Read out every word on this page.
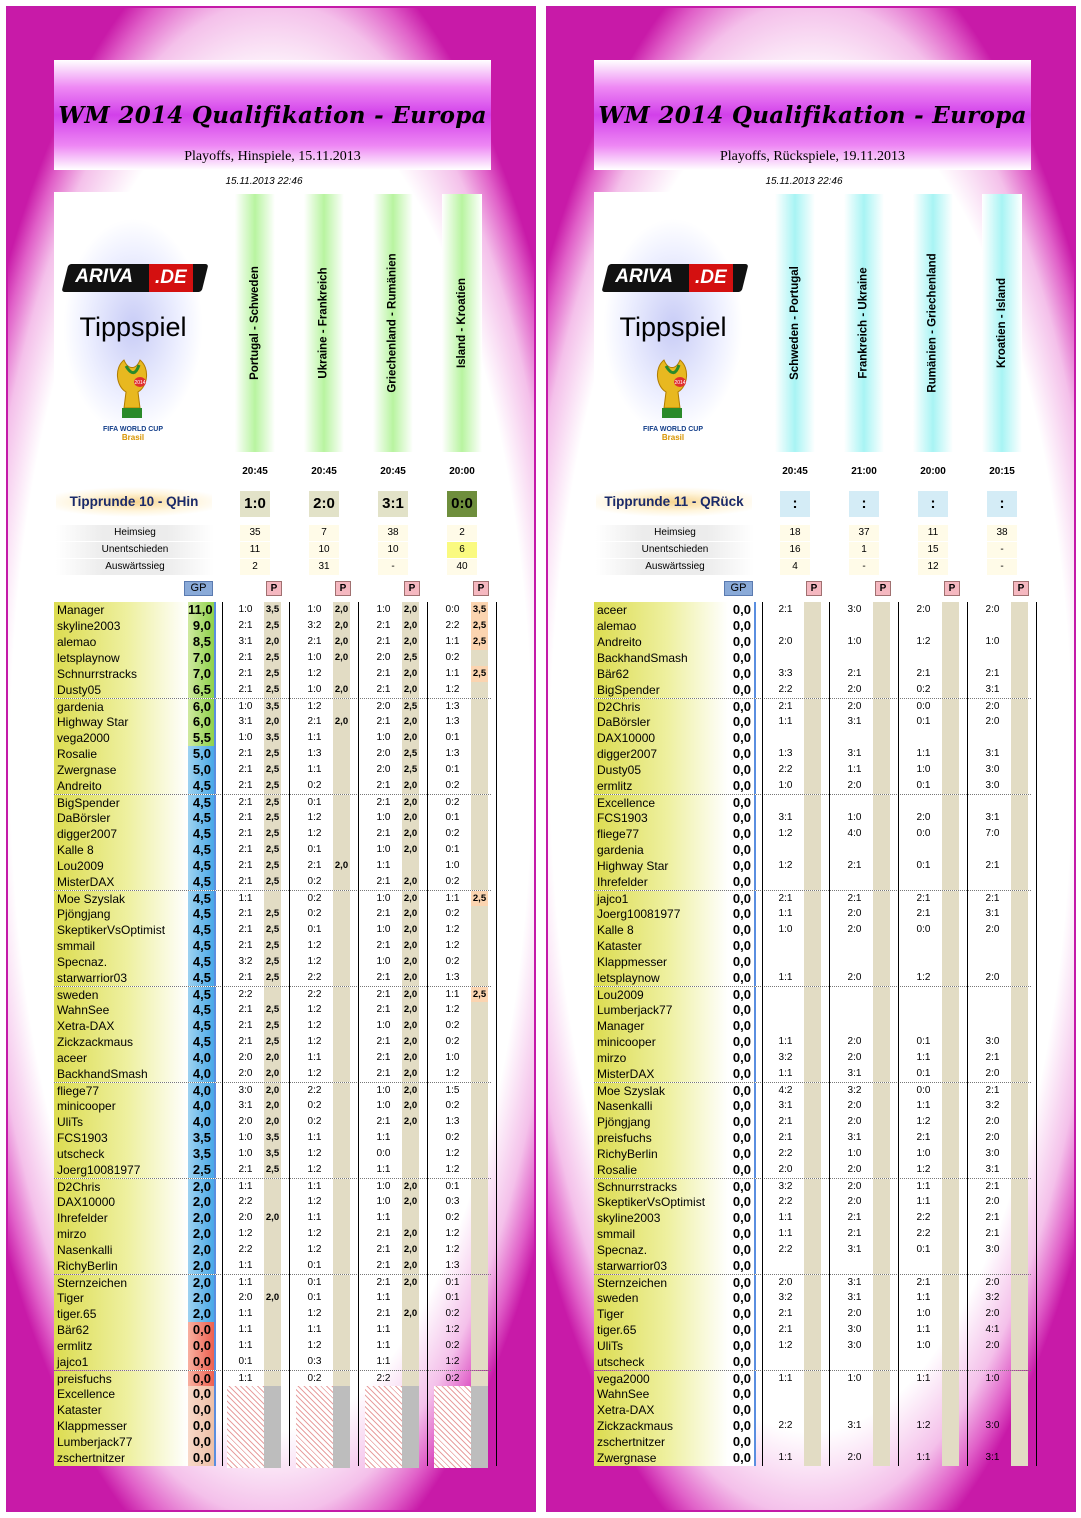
WM 2014 Qualifikation - Europa
Playoffs, Hinspiele, 15.11.2013
15.11.2013 22:46
ARIVA	.DE
Tippspiel
2014
FIFA WORLD CUP
Brasil
Tipprunde 10 - QHin
Heimsieg
Unentschieden
Auswärtssieg
Portugal - Schweden
20:45
1:0
35
11
2
P
Ukraine - Frankreich
20:45
2:0
7
10
31
P
Griechenland - Rumänien
20:45
3:1
38
10
-
P
Island - Kroatien
20:00
0:0
2
6
40
P
GP
Manager	11,0	1:0	3,5	1:0	2,0	1:0	2,0	0:0	3,5
skyline2003	9,0	2:1	2,5	3:2	2,0	2:1	2,0	2:2	2,5
alemao	8,5	3:1	2,0	2:1	2,0	2:1	2,0	1:1	2,5
letsplaynow	7,0	2:1	2,5	1:0	2,0	2:0	2,5	0:2
Schnurrstracks	7,0	2:1	2,5	1:2	2:1	2,0	1:1	2,5
Dusty05	6,5	2:1	2,5	1:0	2,0	2:1	2,0	1:2
gardenia	6,0	1:0	3,5	1:2	2:0	2,5	1:3
Highway Star	6,0	3:1	2,0	2:1	2,0	2:1	2,0	1:3
vega2000	5,5	1:0	3,5	1:1	1:0	2,0	0:1
Rosalie	5,0	2:1	2,5	1:3	2:0	2,5	1:3
Zwergnase	5,0	2:1	2,5	1:1	2:0	2,5	0:1
Andreito	4,5	2:1	2,5	0:2	2:1	2,0	0:2
BigSpender	4,5	2:1	2,5	0:1	2:1	2,0	0:2
DaBörsler	4,5	2:1	2,5	1:2	1:0	2,0	0:1
digger2007	4,5	2:1	2,5	1:2	2:1	2,0	0:2
Kalle 8	4,5	2:1	2,5	0:1	1:0	2,0	0:1
Lou2009	4,5	2:1	2,5	2:1	2,0	1:1	1:0
MisterDAX	4,5	2:1	2,5	0:2	2:1	2,0	0:2
Moe Szyslak	4,5	1:1	0:2	1:0	2,0	1:1	2,5
Pjöngjang	4,5	2:1	2,5	0:2	2:1	2,0	0:2
SkeptikerVsOptimist	4,5	2:1	2,5	0:1	1:0	2,0	1:2
smmail	4,5	2:1	2,5	1:2	2:1	2,0	1:2
Specnaz.	4,5	3:2	2,5	1:2	1:0	2,0	0:2
starwarrior03	4,5	2:1	2,5	2:2	2:1	2,0	1:3
sweden	4,5	2:2	2:2	2:1	2,0	1:1	2,5
WahnSee	4,5	2:1	2,5	1:2	2:1	2,0	1:2
Xetra-DAX	4,5	2:1	2,5	1:2	1:0	2,0	0:2
Zickzackmaus	4,5	2:1	2,5	1:2	2:1	2,0	0:2
aceer	4,0	2:0	2,0	1:1	2:1	2,0	1:0
BackhandSmash	4,0	2:0	2,0	1:2	2:1	2,0	1:2
fliege77	4,0	3:0	2,0	2:2	1:0	2,0	1:5
minicooper	4,0	3:1	2,0	0:2	1:0	2,0	0:2
UliTs	4,0	2:0	2,0	0:2	2:1	2,0	1:3
FCS1903	3,5	1:0	3,5	1:1	1:1	0:2
utscheck	3,5	1:0	3,5	1:2	0:0	1:2
Joerg10081977	2,5	2:1	2,5	1:2	1:1	1:2
D2Chris	2,0	1:1	1:1	1:0	2,0	0:1
DAX10000	2,0	2:2	1:2	1:0	2,0	0:3
Ihrefelder	2,0	2:0	2,0	1:1	1:1	0:2
mirzo	2,0	1:2	1:2	2:1	2,0	1:2
Nasenkalli	2,0	2:2	1:2	2:1	2,0	1:2
RichyBerlin	2,0	1:1	0:1	2:1	2,0	1:3
Sternzeichen	2,0	1:1	0:1	2:1	2,0	0:1
Tiger	2,0	2:0	2,0	0:1	1:1	0:1
tiger.65	2,0	1:1	1:2	2:1	2,0	0:2
Bär62	0,0	1:1	1:1	1:1	1:2
ermlitz	0,0	1:1	1:2	1:1	0:2
jajco1	0,0	0:1	0:3	1:1	1:2
preisfuchs	0,0	1:1	0:2	2:2	0:2
Excellence	0,0
Kataster	0,0
Klappmesser	0,0
Lumberjack77	0,0
zschertnitzer	0,0
WM 2014 Qualifikation - Europa
Playoffs, Rückspiele, 19.11.2013
15.11.2013 22:46
ARIVA	.DE
Tippspiel
2014
FIFA WORLD CUP
Brasil
Tipprunde 11 - QRück
Heimsieg
Unentschieden
Auswärtssieg
Schweden - Portugal
20:45
:
18
16
4
P
Frankreich - Ukraine
21:00
:
37
1
-
P
Rumänien - Griechenland
20:00
:
11
15
12
P
Kroatien - Island
20:15
:
38
-
-
P
GP
aceer	0,0	2:1	3:0	2:0	2:0
alemao	0,0
Andreito	0,0	2:0	1:0	1:2	1:0
BackhandSmash	0,0
Bär62	0,0	3:3	2:1	2:1	2:1
BigSpender	0,0	2:2	2:0	0:2	3:1
D2Chris	0,0	2:1	2:0	0:0	2:0
DaBörsler	0,0	1:1	3:1	0:1	2:0
DAX10000	0,0
digger2007	0,0	1:3	3:1	1:1	3:1
Dusty05	0,0	2:2	1:1	1:0	3:0
ermlitz	0,0	1:0	2:0	0:1	3:0
Excellence	0,0
FCS1903	0,0	3:1	1:0	2:0	3:1
fliege77	0,0	1:2	4:0	0:0	7:0
gardenia	0,0
Highway Star	0,0	1:2	2:1	0:1	2:1
Ihrefelder	0,0
jajco1	0,0	2:1	2:1	2:1	2:1
Joerg10081977	0,0	1:1	2:0	2:1	3:1
Kalle 8	0,0	1:0	2:0	0:0	2:0
Kataster	0,0
Klappmesser	0,0
letsplaynow	0,0	1:1	2:0	1:2	2:0
Lou2009	0,0
Lumberjack77	0,0
Manager	0,0
minicooper	0,0	1:1	2:0	0:1	3:0
mirzo	0,0	3:2	2:0	1:1	2:1
MisterDAX	0,0	1:1	3:1	0:1	2:0
Moe Szyslak	0,0	4:2	3:2	0:0	2:1
Nasenkalli	0,0	3:1	2:0	1:1	3:2
Pjöngjang	0,0	2:1	2:0	1:2	2:0
preisfuchs	0,0	2:1	3:1	2:1	2:0
RichyBerlin	0,0	2:2	1:0	1:0	3:0
Rosalie	0,0	2:0	2:0	1:2	3:1
Schnurrstracks	0,0	3:2	2:0	1:1	2:1
SkeptikerVsOptimist	0,0	2:2	2:0	1:1	2:0
skyline2003	0,0	1:1	2:1	2:2	2:1
smmail	0,0	1:1	2:1	2:2	2:1
Specnaz.	0,0	2:2	3:1	0:1	3:0
starwarrior03	0,0
Sternzeichen	0,0	2:0	3:1	2:1	2:0
sweden	0,0	3:2	3:1	1:1	3:2
Tiger	0,0	2:1	2:0	1:0	2:0
tiger.65	0,0	2:1	3:0	1:1	4:1
UliTs	0,0	1:2	3:0	1:0	2:0
utscheck	0,0
vega2000	0,0	1:1	1:0	1:1	1:0
WahnSee	0,0
Xetra-DAX	0,0
Zickzackmaus	0,0	2:2	3:1	1:2	3:0
zschertnitzer	0,0
Zwergnase	0,0	1:1	2:0	1:1	3:1
